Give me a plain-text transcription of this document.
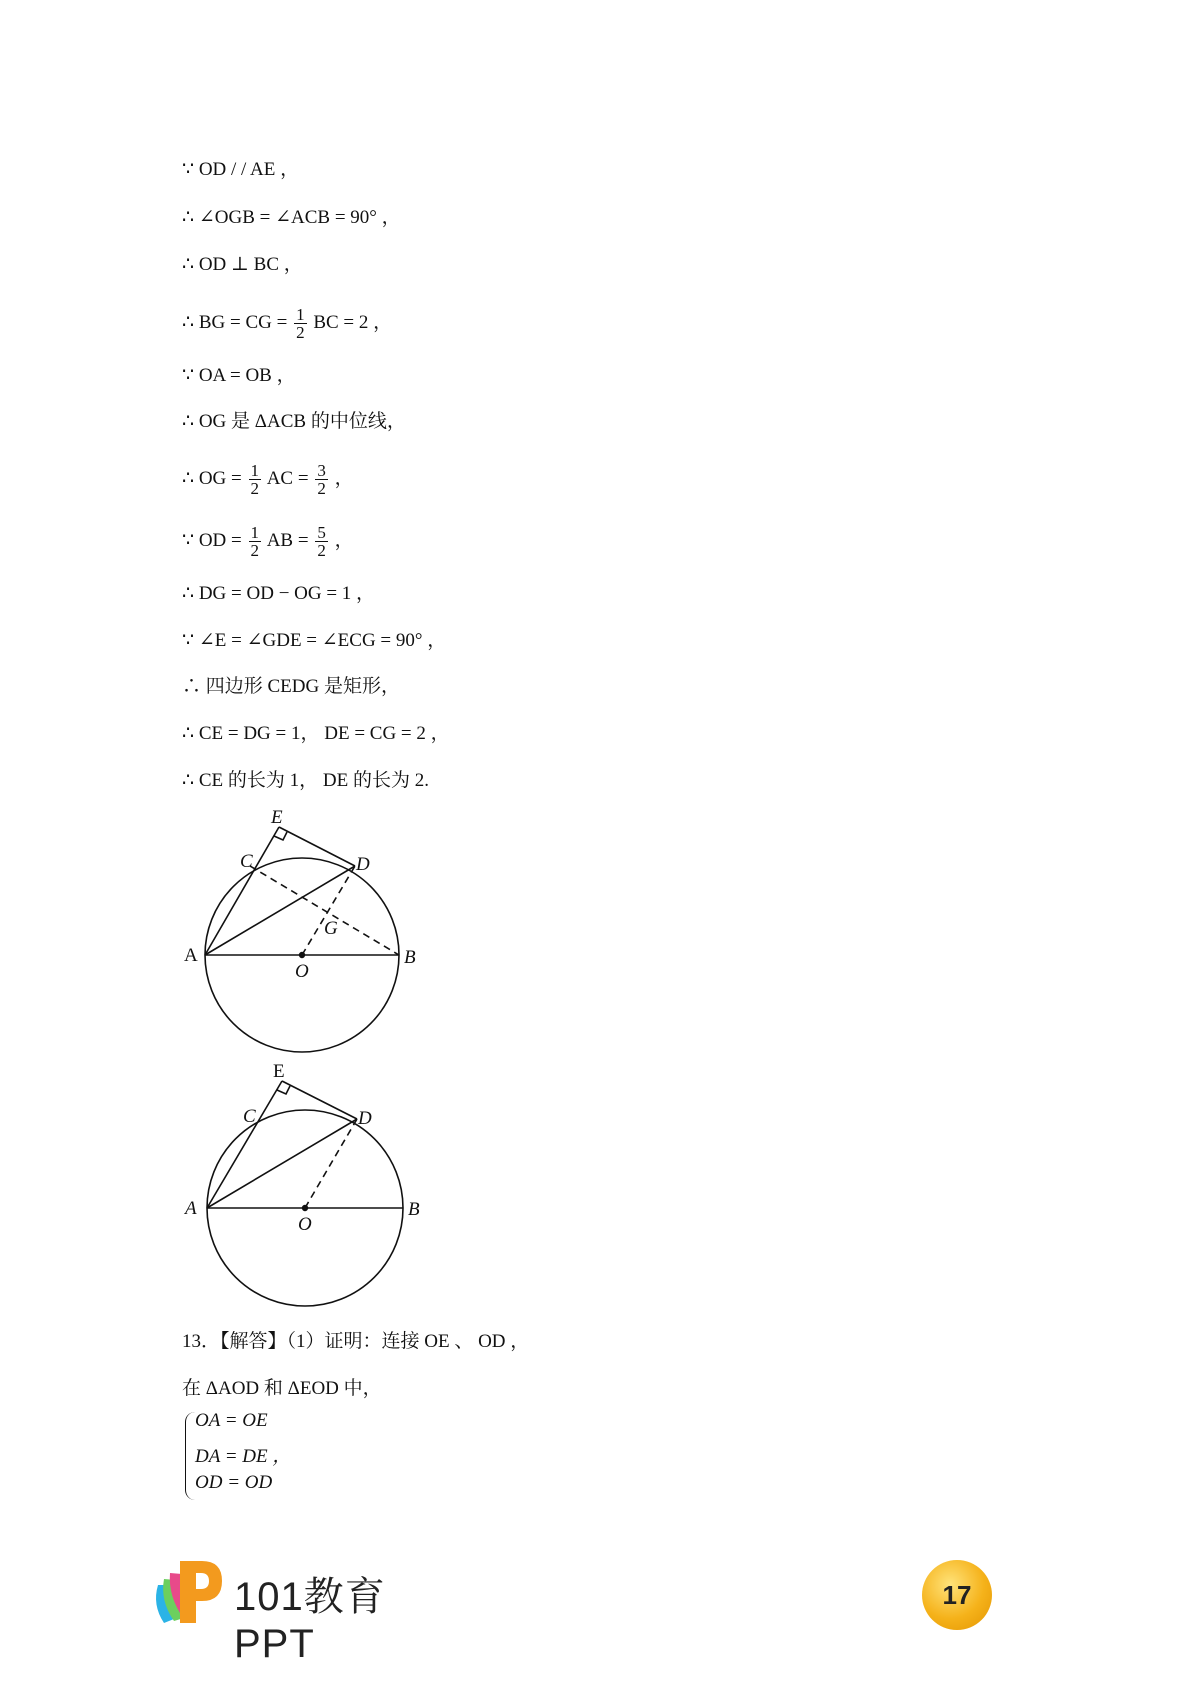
∵ OD / / AE ，
∴ ∠OGB = ∠ACB = 90° ，
∴ OD ⊥ BC ，
∴ BG = CG = $\frac{1}{2}$ BC = 2 ，
∵ OA = OB ，
∴ OG 是 ΔACB 的中位线，
∴ OG = $\frac{1}{2}$ AC = $\frac{3}{2}$ ，
∵ OD = $\frac{1}{2}$ AB = $\frac{5}{2}$ ，
∴ DG = OD − OG = 1 ，
∵ ∠E = ∠GDE = ∠ECG = 90° ，
∴ 四边形 CEDG 是矩形，
∴ CE = DG = 1， DE = CG = 2 ，
∴ CE 的长为 1， DE 的长为 2.
E
C	D
G
A
O
B
E
C	D
A
O
B
13．【解答】（1）证明：连接 OE 、 OD ，
在 ΔAOD 和 ΔEOD 中，
OA = OE
DA = DE ，
OD = OD
101教育PPT
17
